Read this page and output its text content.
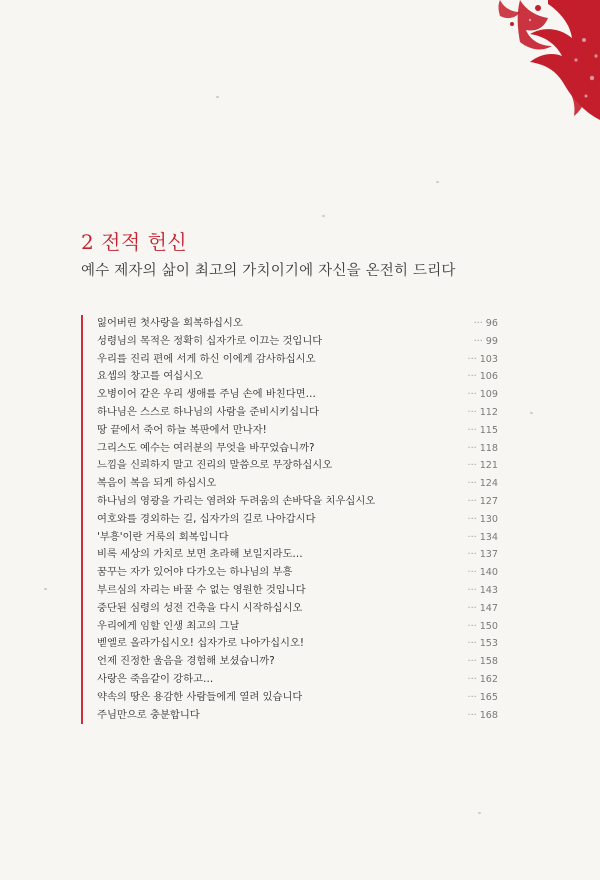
2 전적 헌신

예수 제자의 삶이 최고의 가치이기에 자신을 온전히 드리다

잃어버린 첫사랑을 회복하십시오	··· 96
성령님의 목적은 정확히 십자가로 이끄는 것입니다	··· 99
우리를 진리 편에 서게 하신 이에게 감사하십시오	··· 103
요셉의 창고를 여십시오	··· 106
오병이어 같은 우리 생애를 주님 손에 바친다면…	··· 109
하나님은 스스로 하나님의 사람을 준비시키십니다	··· 112
땅 끝에서 죽어 하늘 복판에서 만나자!	··· 115
그리스도 예수는 여러분의 무엇을 바꾸었습니까?	··· 118
느낌을 신뢰하지 말고 진리의 말씀으로 무장하십시오	··· 121
복음이 복음 되게 하십시오	··· 124
하나님의 영광을 가리는 염려와 두려움의 손바닥을 치우십시오	··· 127
여호와를 경외하는 길, 십자가의 길로 나아갑시다	··· 130
'부흥'이란 거룩의 회복입니다	··· 134
비록 세상의 가치로 보면 초라해 보일지라도…	··· 137
꿈꾸는 자가 있어야 다가오는 하나님의 부흥	··· 140
부르심의 자리는 바꿀 수 없는 영원한 것입니다	··· 143
중단된 심령의 성전 건축을 다시 시작하십시오	··· 147
우리에게 임할 인생 최고의 그날	··· 150
벧엘로 올라가십시오! 십자가로 나아가십시오!	··· 153
언제 진정한 울음을 경험해 보셨습니까?	··· 158
사랑은 죽음같이 강하고…	··· 162
약속의 땅은 용감한 사람들에게 열려 있습니다	··· 165
주님만으로 충분합니다	··· 168
